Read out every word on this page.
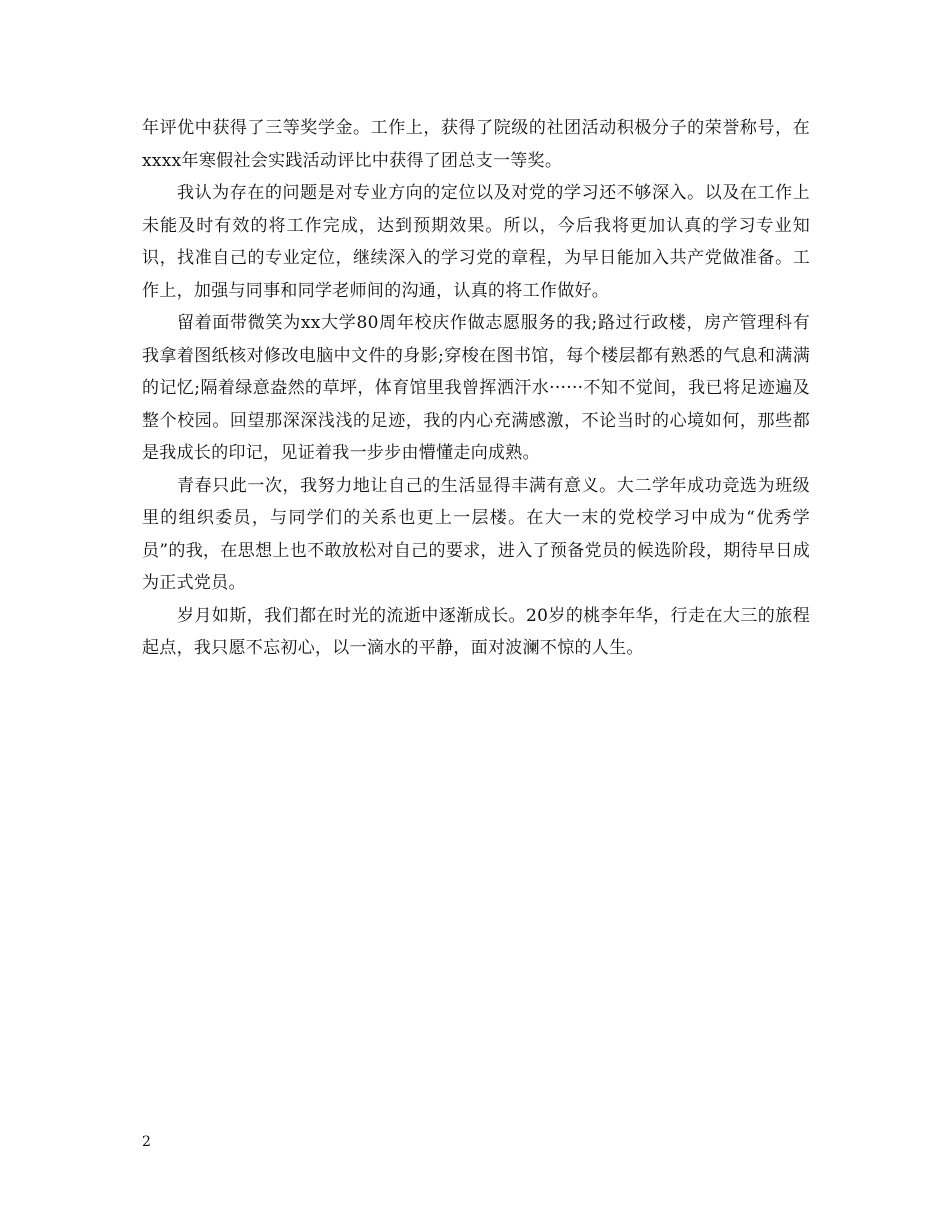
年评优中获得了三等奖学金。工作上，获得了院级的社团活动积极分子的荣誉称号，在xxxx年寒假社会实践活动评比中获得了团总支一等奖。

我认为存在的问题是对专业方向的定位以及对党的学习还不够深入。以及在工作上未能及时有效的将工作完成，达到预期效果。所以，今后我将更加认真的学习专业知识，找准自己的专业定位，继续深入的学习党的章程，为早日能加入共产党做准备。工作上，加强与同事和同学老师间的沟通，认真的将工作做好。

留着面带微笑为xx大学80周年校庆作做志愿服务的我;路过行政楼，房产管理科有我拿着图纸核对修改电脑中文件的身影;穿梭在图书馆，每个楼层都有熟悉的气息和满满的记忆;隔着绿意盎然的草坪，体育馆里我曾挥洒汗水······不知不觉间，我已将足迹遍及整个校园。回望那深深浅浅的足迹，我的内心充满感激，不论当时的心境如何，那些都是我成长的印记，见证着我一步步由懵懂走向成熟。

青春只此一次，我努力地让自己的生活显得丰满有意义。大二学年成功竞选为班级里的组织委员，与同学们的关系也更上一层楼。在大一末的党校学习中成为“优秀学员”的我，在思想上也不敢放松对自己的要求，进入了预备党员的候选阶段，期待早日成为正式党员。

岁月如斯，我们都在时光的流逝中逐渐成长。20岁的桃李年华，行走在大三的旅程起点，我只愿不忘初心，以一滴水的平静，面对波澜不惊的人生。

2
